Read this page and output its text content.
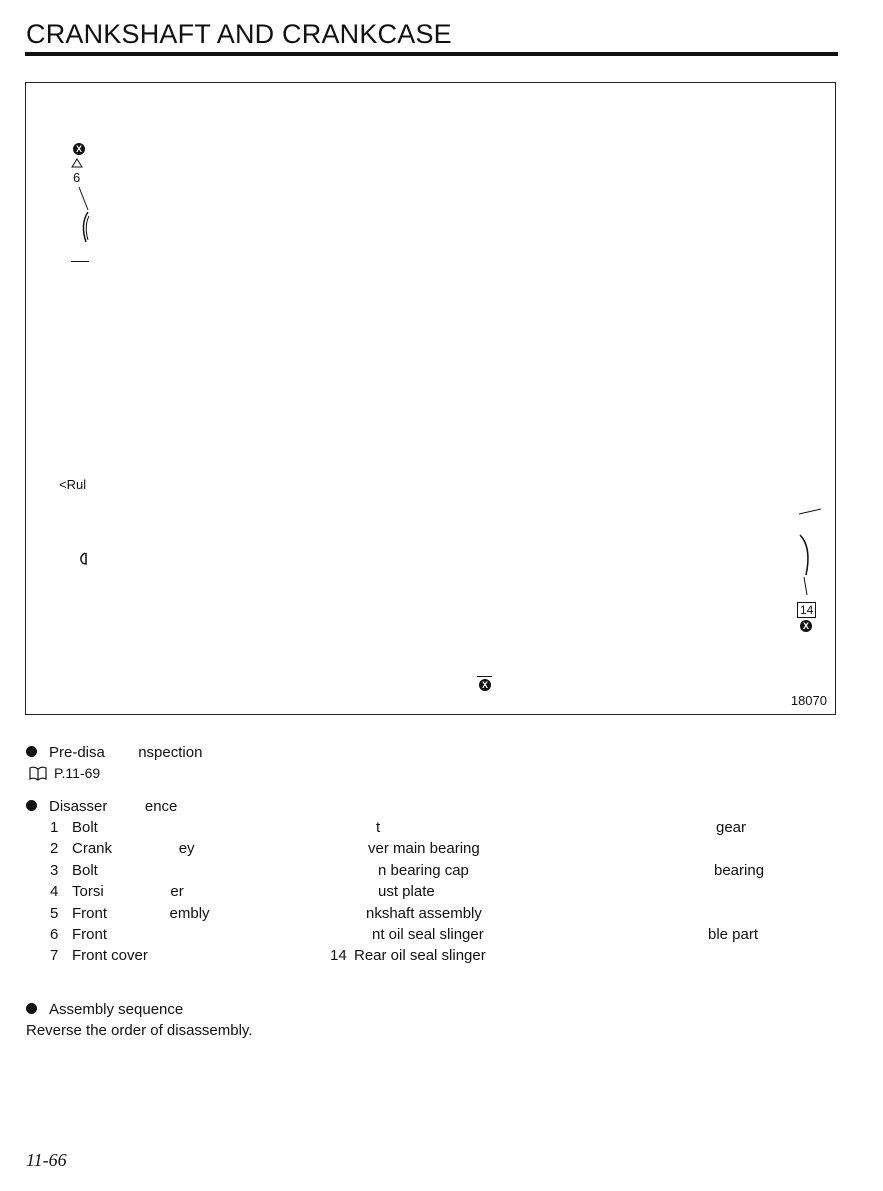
CRANKSHAFT AND CRANKCASE
X
6
<Rul
14
X
X
18070
Pre-disa        nspection
P.11-69
Disasser         ence
1 Bolt
2 Crank                ey
3 Bolt
4 Torsi                er
5 Front               embly
6 Front
7 Front cover
t
ver main bearing
n bearing cap
ust plate
nkshaft assembly
nt oil seal slinger
14 Rear oil seal slinger
gear
bearing
ble part
Assembly sequence
Reverse the order of disassembly.
11-66
